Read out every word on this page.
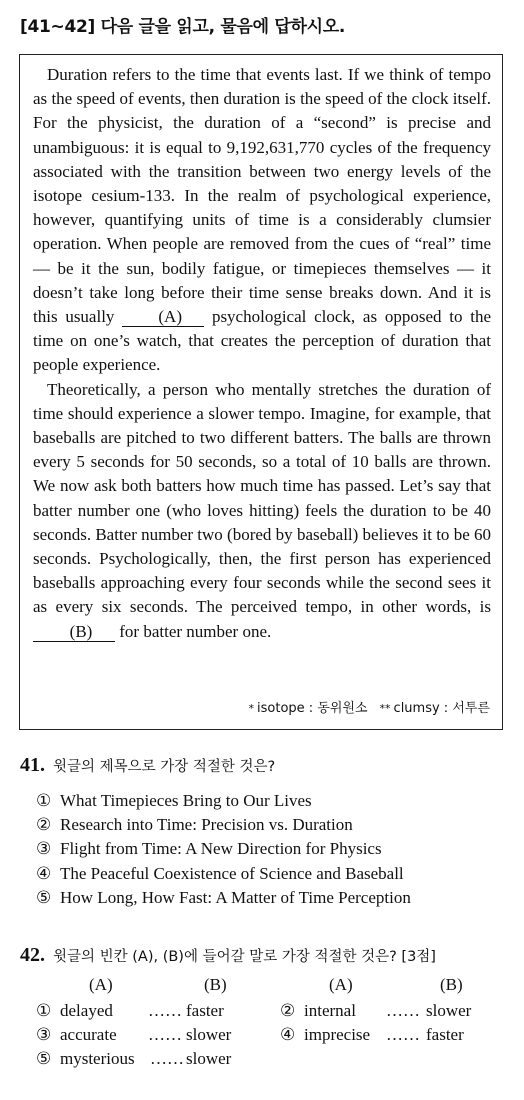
[41~42] 다음 글을 읽고, 물음에 답하시오.

Duration refers to the time that events last. If we think of tempo as the speed of events, then duration is the speed of the clock itself. For the physicist, the duration of a “second” is precise and unambiguous: it is equal to 9,192,631,770 cycles of the frequency associated with the transition between two energy levels of the isotope cesium-133. In the realm of psychological experience, however, quantifying units of time is a considerably clumsier operation. When people are removed from the cues of “real” time — be it the sun, bodily fatigue, or timepieces themselves — it doesn’t take long before their time sense breaks down. And it is this usually (A) psychological clock, as opposed to the time on one’s watch, that creates the perception of duration that people experience.

Theoretically, a person who mentally stretches the duration of time should experience a slower tempo. Imagine, for example, that baseballs are pitched to two different batters. The balls are thrown every 5 seconds for 50 seconds, so a total of 10 balls are thrown. We now ask both batters how much time has passed. Let’s say that batter number one (who loves hitting) feels the duration to be 40 seconds. Batter number two (bored by baseball) believes it to be 60 seconds. Psychologically, then, the first person has experienced baseballs approaching every four seconds while the second sees it as every six seconds. The perceived tempo, in other words, is (B) for batter number one.

* isotope : 동위원소 ** clumsy : 서투른
41. 윗글의 제목으로 가장 적절한 것은?
① What Timepieces Bring to Our Lives
② Research into Time: Precision vs. Duration
③ Flight from Time: A New Direction for Physics
④ The Peaceful Coexistence of Science and Baseball
⑤ How Long, How Fast: A Matter of Time Perception
42. 윗글의 빈칸 (A), (B)에 들어갈 말로 가장 적절한 것은? [3점]
(A)	(B)	(A)	(B)
① delayed …… faster	② internal …… slower
③ accurate …… slower	④ imprecise …… faster
⑤ mysterious …… slower
